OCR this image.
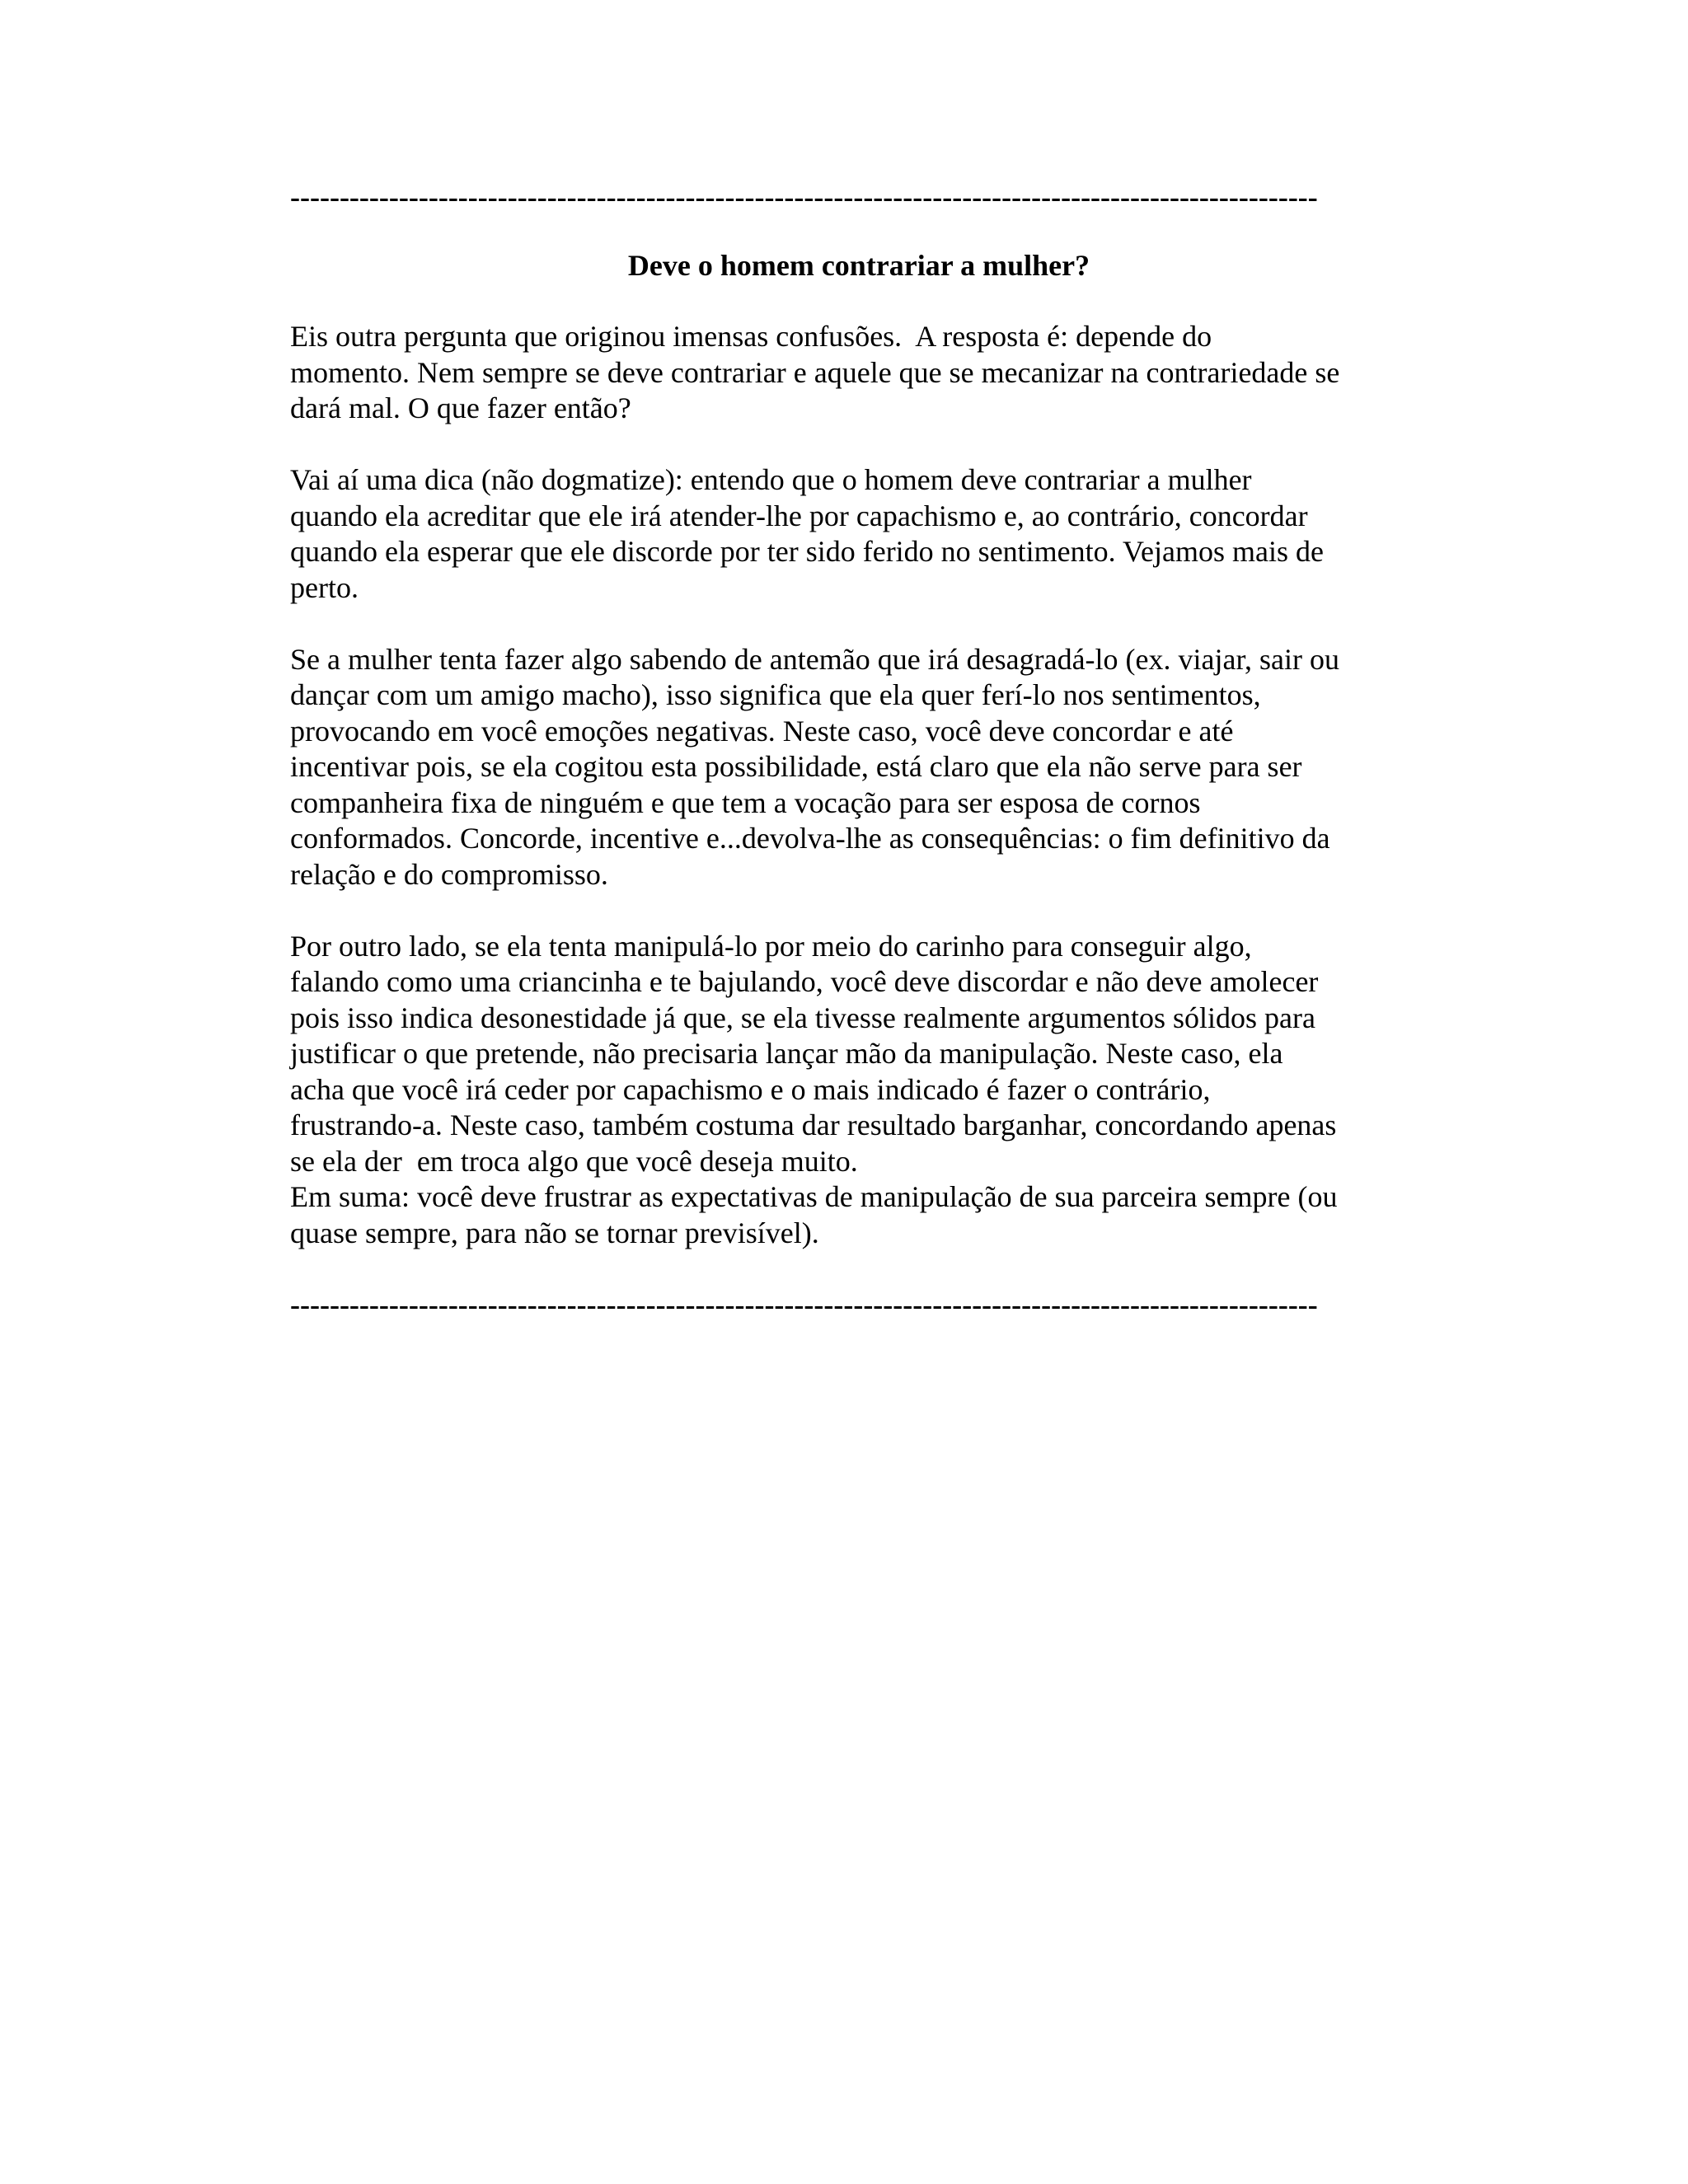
--------------------------------------------------------------------------------------------------------
Deve o homem contrariar a mulher?
Eis outra pergunta que originou imensas confusões.  A resposta é: depende do
momento. Nem sempre se deve contrariar e aquele que se mecanizar na contrariedade se
dará mal. O que fazer então?
Vai aí uma dica (não dogmatize): entendo que o homem deve contrariar a mulher
quando ela acreditar que ele irá atender-lhe por capachismo e, ao contrário, concordar
quando ela esperar que ele discorde por ter sido ferido no sentimento. Vejamos mais de
perto.
Se a mulher tenta fazer algo sabendo de antemão que irá desagradá-lo (ex. viajar, sair ou
dançar com um amigo macho), isso significa que ela quer ferí-lo nos sentimentos,
provocando em você emoções negativas. Neste caso, você deve concordar e até
incentivar pois, se ela cogitou esta possibilidade, está claro que ela não serve para ser
companheira fixa de ninguém e que tem a vocação para ser esposa de cornos
conformados. Concorde, incentive e...devolva-lhe as consequências: o fim definitivo da
relação e do compromisso.
Por outro lado, se ela tenta manipulá-lo por meio do carinho para conseguir algo,
falando como uma criancinha e te bajulando, você deve discordar e não deve amolecer
pois isso indica desonestidade já que, se ela tivesse realmente argumentos sólidos para
justificar o que pretende, não precisaria lançar mão da manipulação. Neste caso, ela
acha que você irá ceder por capachismo e o mais indicado é fazer o contrário,
frustrando-a. Neste caso, também costuma dar resultado barganhar, concordando apenas
se ela der  em troca algo que você deseja muito.
Em suma: você deve frustrar as expectativas de manipulação de sua parceira sempre (ou
quase sempre, para não se tornar previsível).
--------------------------------------------------------------------------------------------------------
